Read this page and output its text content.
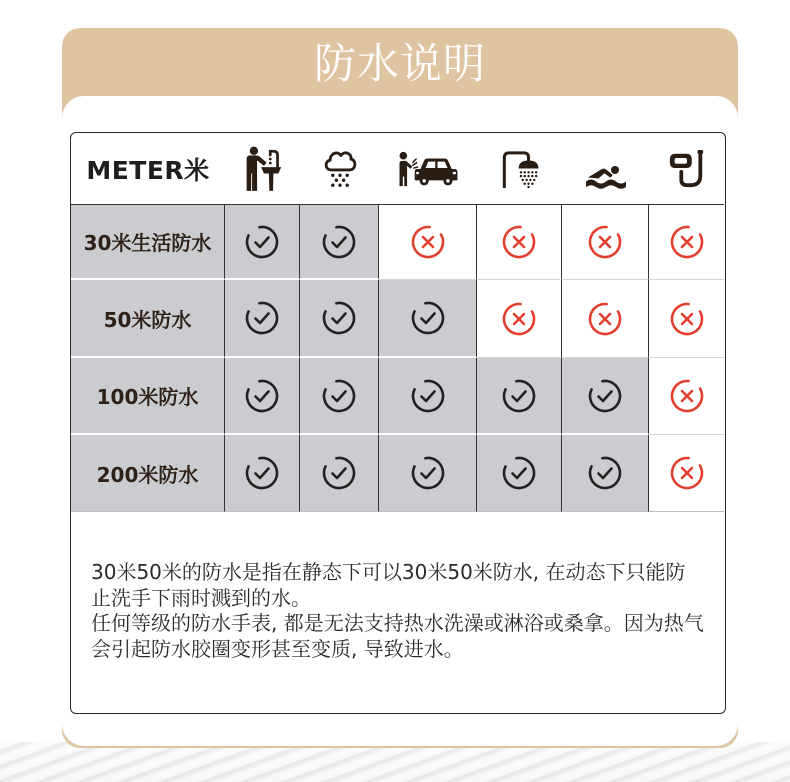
防水说明
METER米
30米生活防水
50米防水
100米防水
200米防水
30米50米的防水是指在静态下可以30米50米防水, 在动态下只能防
止洗手下雨时溅到的水。
任何等级的防水手表, 都是无法支持热水洗澡或淋浴或桑拿。因为热气
会引起防水胶圈变形甚至变质, 导致进水。
